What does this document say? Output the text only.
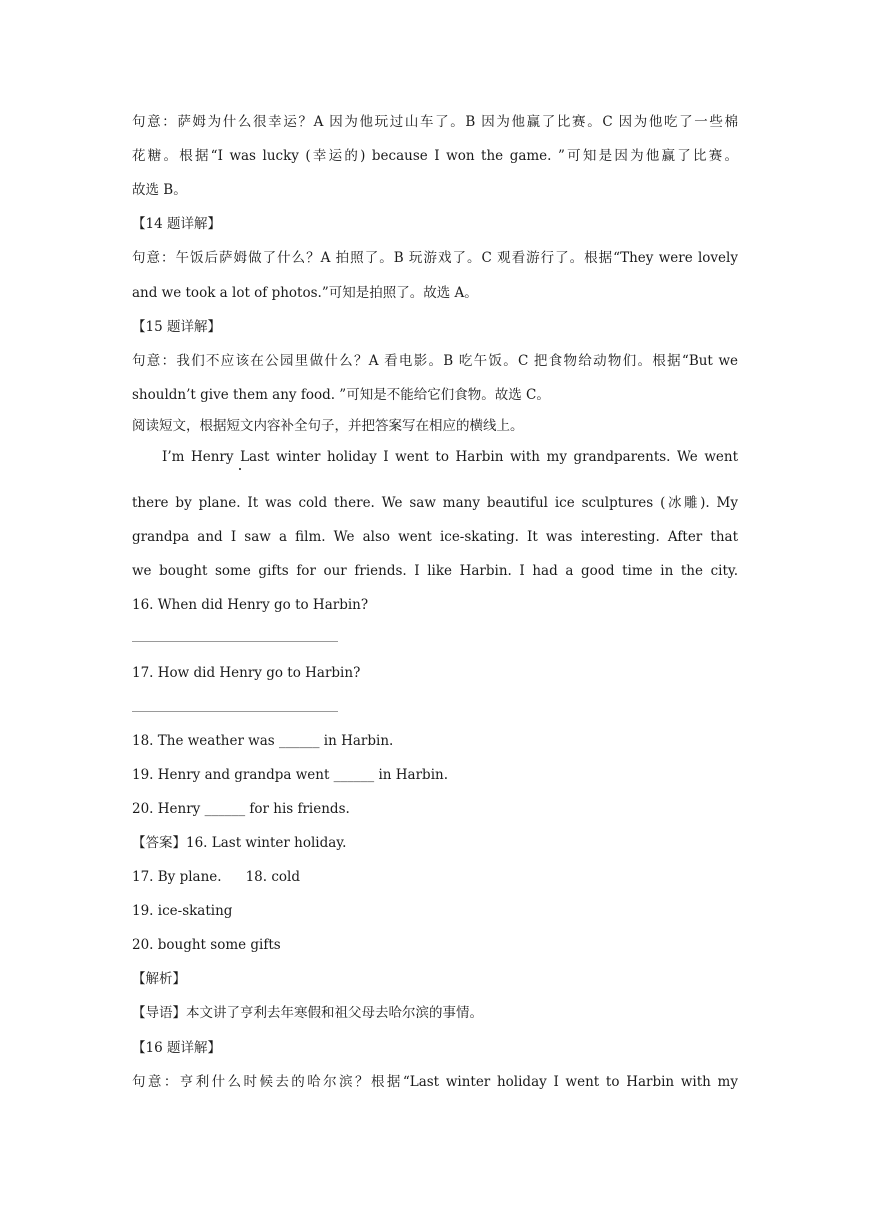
句意：萨姆为什么很幸运？A 因为他玩过山车了。B 因为他赢了比赛。C 因为他吃了一些棉
花糖。根据“I was lucky (幸运的) because I won the game. ”可知是因为他赢了比赛。
故选 B。
【14 题详解】
句意：午饭后萨姆做了什么？A 拍照了。B 玩游戏了。C 观看游行了。根据“They were lovely
and we took a lot of photos.”可知是拍照了。故选 A。
【15 题详解】
句意：我们不应该在公园里做什么？A 看电影。B 吃午饭。C 把食物给动物们。根据“But we
shouldn’t give them any food. ”可知是不能给它们食物。故选 C。
阅读短文，根据短文内容补全句子，并把答案写在相应的横线上。
I’m Henry Last winter holiday I went to Harbin with my grandparents. We went
there by plane. It was cold there. We saw many beautiful ice sculptures (冰雕). My
grandpa and I saw a film. We also went ice-skating. It was interesting. After that
we bought some gifts for our friends. I like Harbin. I had a good time in the city.
16. When did Henry go to Harbin?
17. How did Henry go to Harbin?
18. The weather was ______ in Harbin.
19. Henry and grandpa went ______ in Harbin.
20. Henry ______ for his friends.
【答案】16. Last winter holiday.
17. By plane. 18. cold
19. ice-skating
20. bought some gifts
【解析】
【导语】本文讲了亨利去年寒假和祖父母去哈尔滨的事情。
【16 题详解】
句意：亨利什么时候去的哈尔滨？根据“Last winter holiday I went to Harbin with my
